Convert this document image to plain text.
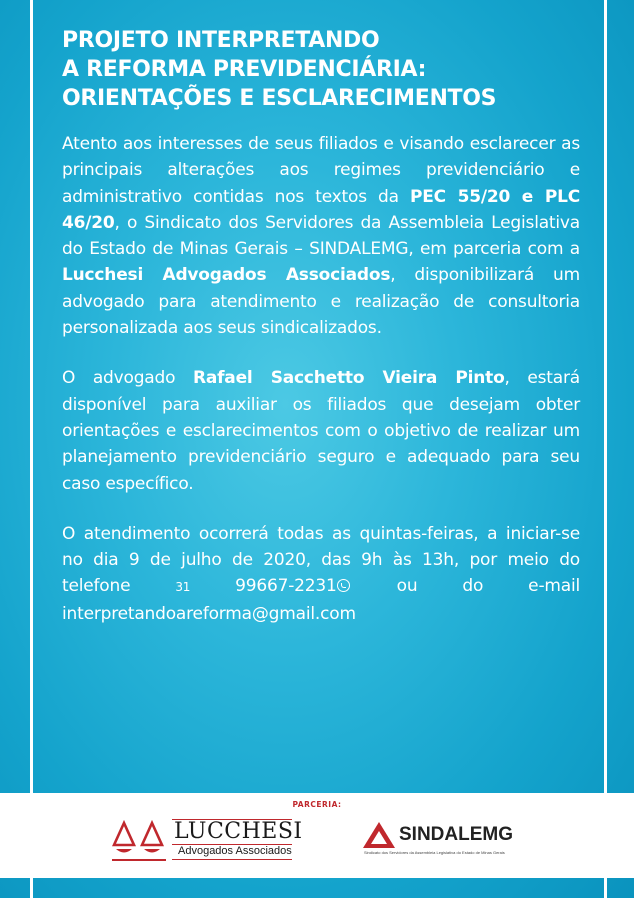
PROJETO INTERPRETANDO
A REFORMA PREVIDENCIÁRIA:
ORIENTAÇÕES E ESCLARECIMENTOS

Atento aos interesses de seus filiados e visando esclarecer as principais alterações aos regimes previdenciário e administrativo contidas nos textos da PEC 55/20 e PLC 46/20, o Sindicato dos Servidores da Assembleia Legislativa do Estado de Minas Gerais – SINDALEMG, em parceria com a Lucchesi Advogados Associados, disponibilizará um advogado para atendimento e realização de consultoria personalizada aos seus sindicalizados.

O advogado Rafael Sacchetto Vieira Pinto, estará disponível para auxiliar os filiados que desejam obter orientações e esclarecimentos com o objetivo de realizar um planejamento previdenciário seguro e adequado para seu caso específico.

O atendimento ocorrerá todas as quintas-feiras, a iniciar-se no dia 9 de julho de 2020, das 9h às 13h, por meio do telefone 31 99667-2231 ou do e-mail interpretandoareforma@gmail.com

PARCERIA:
LUCCHESI
Advogados Associados
SINDALEMG
Sindicato dos Servidores da Assembleia Legislativa do Estado de Minas Gerais
